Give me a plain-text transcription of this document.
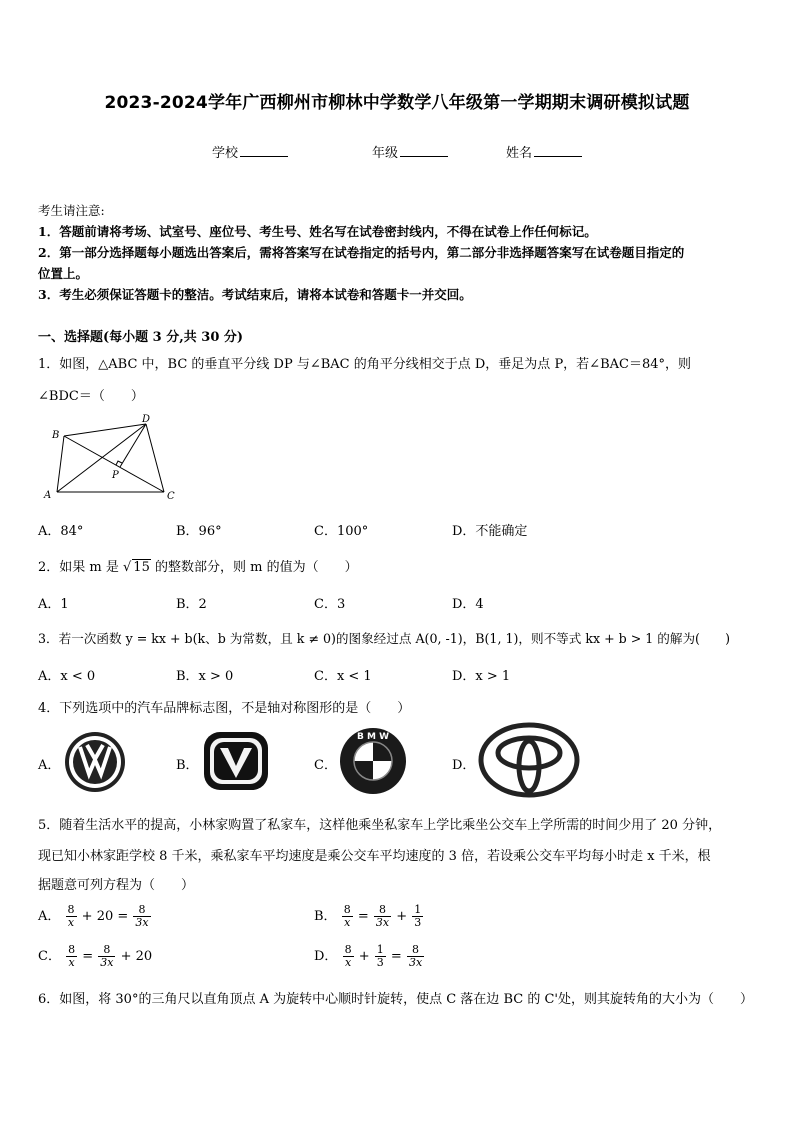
2023-2024学年广西柳州市柳林中学数学八年级第一学期期末调研模拟试题
学校	年级	姓名
考生请注意:
1．答题前请将考场、试室号、座位号、考生号、姓名写在试卷密封线内，不得在试卷上作任何标记。
2．第一部分选择题每小题选出答案后，需将答案写在试卷指定的括号内，第二部分非选择题答案写在试卷题目指定的
位置上。
3．考生必须保证答题卡的整洁。考试结束后，请将本试卷和答题卡一并交回。
一、选择题(每小题 3 分,共 30 分)
1．如图，△ABC 中，BC 的垂直平分线 DP 与∠BAC 的角平分线相交于点 D，垂足为点 P，若∠BAC＝84°，则
∠BDC＝（　　）
B
D
A	C
P
A．84°	B．96°	C．100°	D．不能确定
2．如果 m 是 √ 15 的整数部分，则 m 的值为（　　）
A．1	B．2	C．3	D．4
3．若一次函数 y = kx + b(k、b 为常数，且 k ≠ 0)的图象经过点 A(0, -1)，B(1, 1)，则不等式 kx + b > 1 的解为(　　)
A．x < 0	B．x > 0	C．x < 1	D．x > 1
4．下列选项中的汽车品牌标志图，不是轴对称图形的是（　　）
A．	B．	C．	D．
B M W
5．随着生活水平的提高，小林家购置了私家车，这样他乘坐私家车上学比乘坐公交车上学所需的时间少用了 20 分钟，
现已知小林家距学校 8 千米，乘私家车平均速度是乘公交车平均速度的 3 倍，若设乘公交车平均每小时走 x 千米，根
据题意可列方程为（　　）
A． $\frac{8}{x} + 20 = \frac{8}{3x}$	B． $\frac{8}{x} = \frac{8}{3x} + \frac{1}{3}$
C． $\frac{8}{x} = \frac{8}{3x} + 20$	D． $\frac{8}{x} + \frac{1}{3} = \frac{8}{3x}$
6．如图，将 30°的三角尺以直角顶点 A 为旋转中心顺时针旋转，使点 C 落在边 BC 的 C'处，则其旋转角的大小为（　　）
